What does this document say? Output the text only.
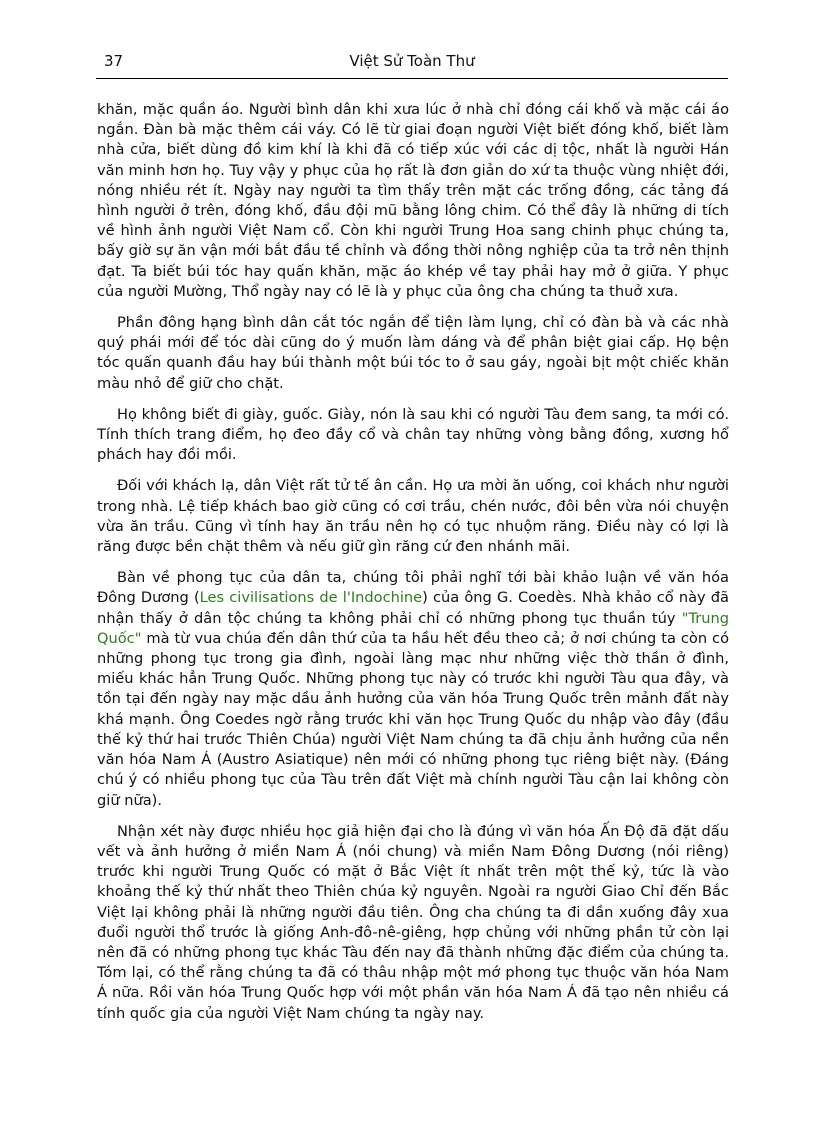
37	Việt Sử Toàn Thư

khăn, mặc quần áo. Người bình dân khi xưa lúc ở nhà chỉ đóng cái khố và mặc cái áo ngắn. Đàn bà mặc thêm cái váy. Có lẽ từ giai đoạn người Việt biết đóng khố, biết làm nhà cửa, biết dùng đồ kim khí là khi đã có tiếp xúc với các dị tộc, nhất là người Hán văn minh hơn họ. Tuy vậy y phục của họ rất là đơn giản do xứ ta thuộc vùng nhiệt đới, nóng nhiều rét ít. Ngày nay người ta tìm thấy trên mặt các trống đồng, các tảng đá hình người ở trên, đóng khố, đầu đội mũ bằng lông chim. Có thể đây là những di tích về hình ảnh người Việt Nam cổ. Còn khi người Trung Hoa sang chinh phục chúng ta, bấy giờ sự ăn vận mới bắt đầu tề chỉnh và đồng thời nông nghiệp của ta trở nên thịnh đạt. Ta biết búi tóc hay quấn khăn, mặc áo khép về tay phải hay mở ở giữa. Y phục của người Mường, Thổ ngày nay có lẽ là y phục của ông cha chúng ta thuở xưa.

Phần đông hạng bình dân cắt tóc ngắn để tiện làm lụng, chỉ có đàn bà và các nhà quý phái mới để tóc dài cũng do ý muốn làm dáng và để phân biệt giai cấp. Họ bện tóc quấn quanh đầu hay búi thành một búi tóc to ở sau gáy, ngoài bịt một chiếc khăn màu nhỏ để giữ cho chặt.

Họ không biết đi giày, guốc. Giày, nón là sau khi có người Tàu đem sang, ta mới có. Tính thích trang điểm, họ đeo đầy cổ và chân tay những vòng bằng đồng, xương hổ phách hay đồi mồi.

Đối với khách lạ, dân Việt rất tử tế ân cần. Họ ưa mời ăn uống, coi khách như người trong nhà. Lệ tiếp khách bao giờ cũng có cơi trầu, chén nước, đôi bên vừa nói chuyện vừa ăn trầu. Cũng vì tính hay ăn trầu nên họ có tục nhuộm răng. Điều này có lợi là răng được bền chặt thêm và nếu giữ gìn răng cứ đen nhánh mãi.

Bàn về phong tục của dân ta, chúng tôi phải nghĩ tới bài khảo luận về văn hóa Đông Dương (Les civilisations de l'Indochine) của ông G. Coedès. Nhà khảo cổ này đã nhận thấy ở dân tộc chúng ta không phải chỉ có những phong tục thuần túy "Trung Quốc" mà từ vua chúa đến dân thứ của ta hầu hết đều theo cả; ở nơi chúng ta còn có những phong tục trong gia đình, ngoài làng mạc như những việc thờ thần ở đình, miếu khác hẳn Trung Quốc. Những phong tục này có trước khi người Tàu qua đây, và tồn tại đến ngày nay mặc dầu ảnh hưởng của văn hóa Trung Quốc trên mảnh đất này khá mạnh. Ông Coedes ngờ rằng trước khi văn học Trung Quốc du nhập vào đây (đầu thế kỷ thứ hai trước Thiên Chúa) người Việt Nam chúng ta đã chịu ảnh hưởng của nền văn hóa Nam Á (Austro Asiatique) nên mới có những phong tục riêng biệt này. (Đáng chú ý có nhiều phong tục của Tàu trên đất Việt mà chính người Tàu cận lai không còn giữ nữa).

Nhận xét này được nhiều học giả hiện đại cho là đúng vì văn hóa Ấn Độ đã đặt dấu vết và ảnh hưởng ở miền Nam Á (nói chung) và miền Nam Đông Dương (nói riêng) trước khi người Trung Quốc có mặt ở Bắc Việt ít nhất trên một thế kỷ, tức là vào khoảng thế kỷ thứ nhất theo Thiên chúa kỷ nguyên. Ngoài ra người Giao Chỉ đến Bắc Việt lại không phải là những người đầu tiên. Ông cha chúng ta đi dần xuống đây xua đuổi người thổ trước là giống Anh-đô-nê-giêng, hợp chủng với những phần tử còn lại nên đã có những phong tục khác Tàu đến nay đã thành những đặc điểm của chúng ta. Tóm lại, có thể rằng chúng ta đã có thâu nhập một mớ phong tục thuộc văn hóa Nam Á nữa. Rồi văn hóa Trung Quốc hợp với một phần văn hóa Nam Á đã tạo nên nhiều cá tính quốc gia của người Việt Nam chúng ta ngày nay.
